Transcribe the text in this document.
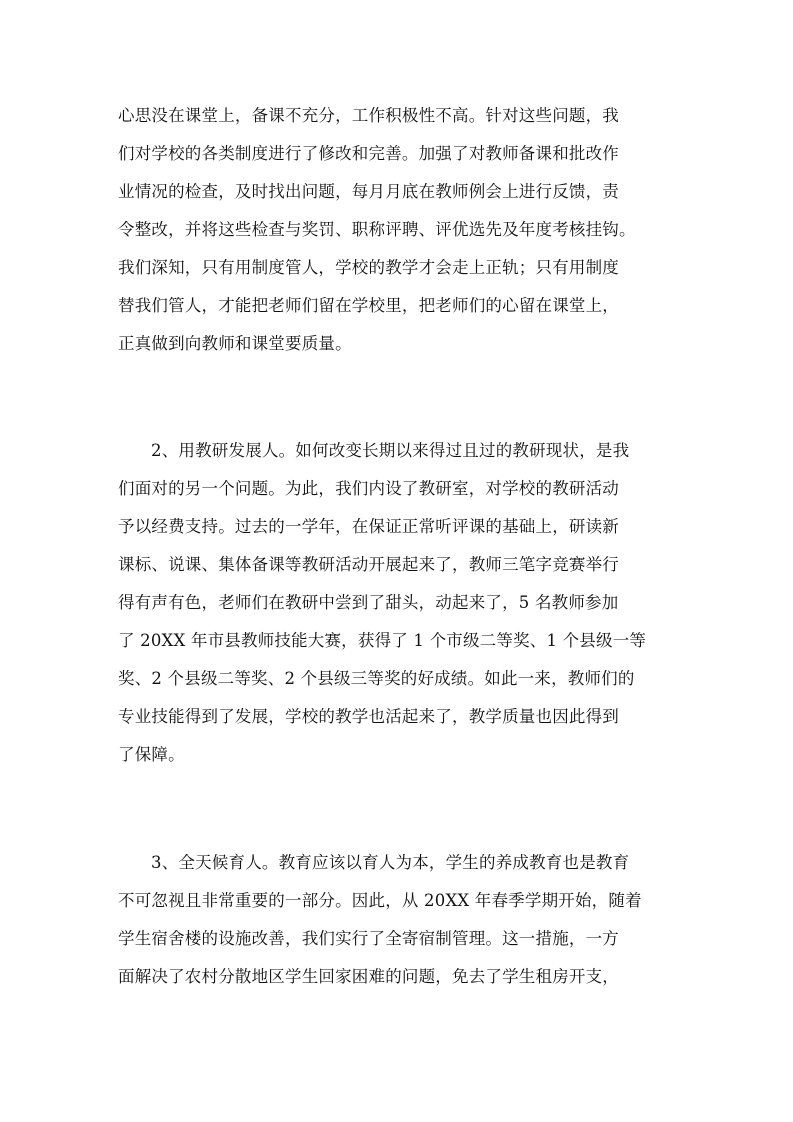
心思没在课堂上，备课不充分，工作积极性不高。针对这些问题，我
们对学校的各类制度进行了修改和完善。加强了对教师备课和批改作
业情况的检查，及时找出问题，每月月底在教师例会上进行反馈，责
令整改，并将这些检查与奖罚、职称评聘、评优选先及年度考核挂钩。
我们深知，只有用制度管人，学校的教学才会走上正轨；只有用制度
替我们管人，才能把老师们留在学校里，把老师们的心留在课堂上，
正真做到向教师和课堂要质量。
2、用教研发展人。如何改变长期以来得过且过的教研现状，是我
们面对的另一个问题。为此，我们内设了教研室，对学校的教研活动
予以经费支持。过去的一学年，在保证正常听评课的基础上，研读新
课标、说课、集体备课等教研活动开展起来了，教师三笔字竞赛举行
得有声有色，老师们在教研中尝到了甜头，动起来了，5 名教师参加
了 20XX 年市县教师技能大赛，获得了 1 个市级二等奖、1 个县级一等
奖、2 个县级二等奖、2 个县级三等奖的好成绩。如此一来，教师们的
专业技能得到了发展，学校的教学也活起来了，教学质量也因此得到
了保障。
3、全天候育人。教育应该以育人为本，学生的养成教育也是教育
不可忽视且非常重要的一部分。因此，从 20XX 年春季学期开始，随着
学生宿舍楼的设施改善，我们实行了全寄宿制管理。这一措施，一方
面解决了农村分散地区学生回家困难的问题，免去了学生租房开支，
